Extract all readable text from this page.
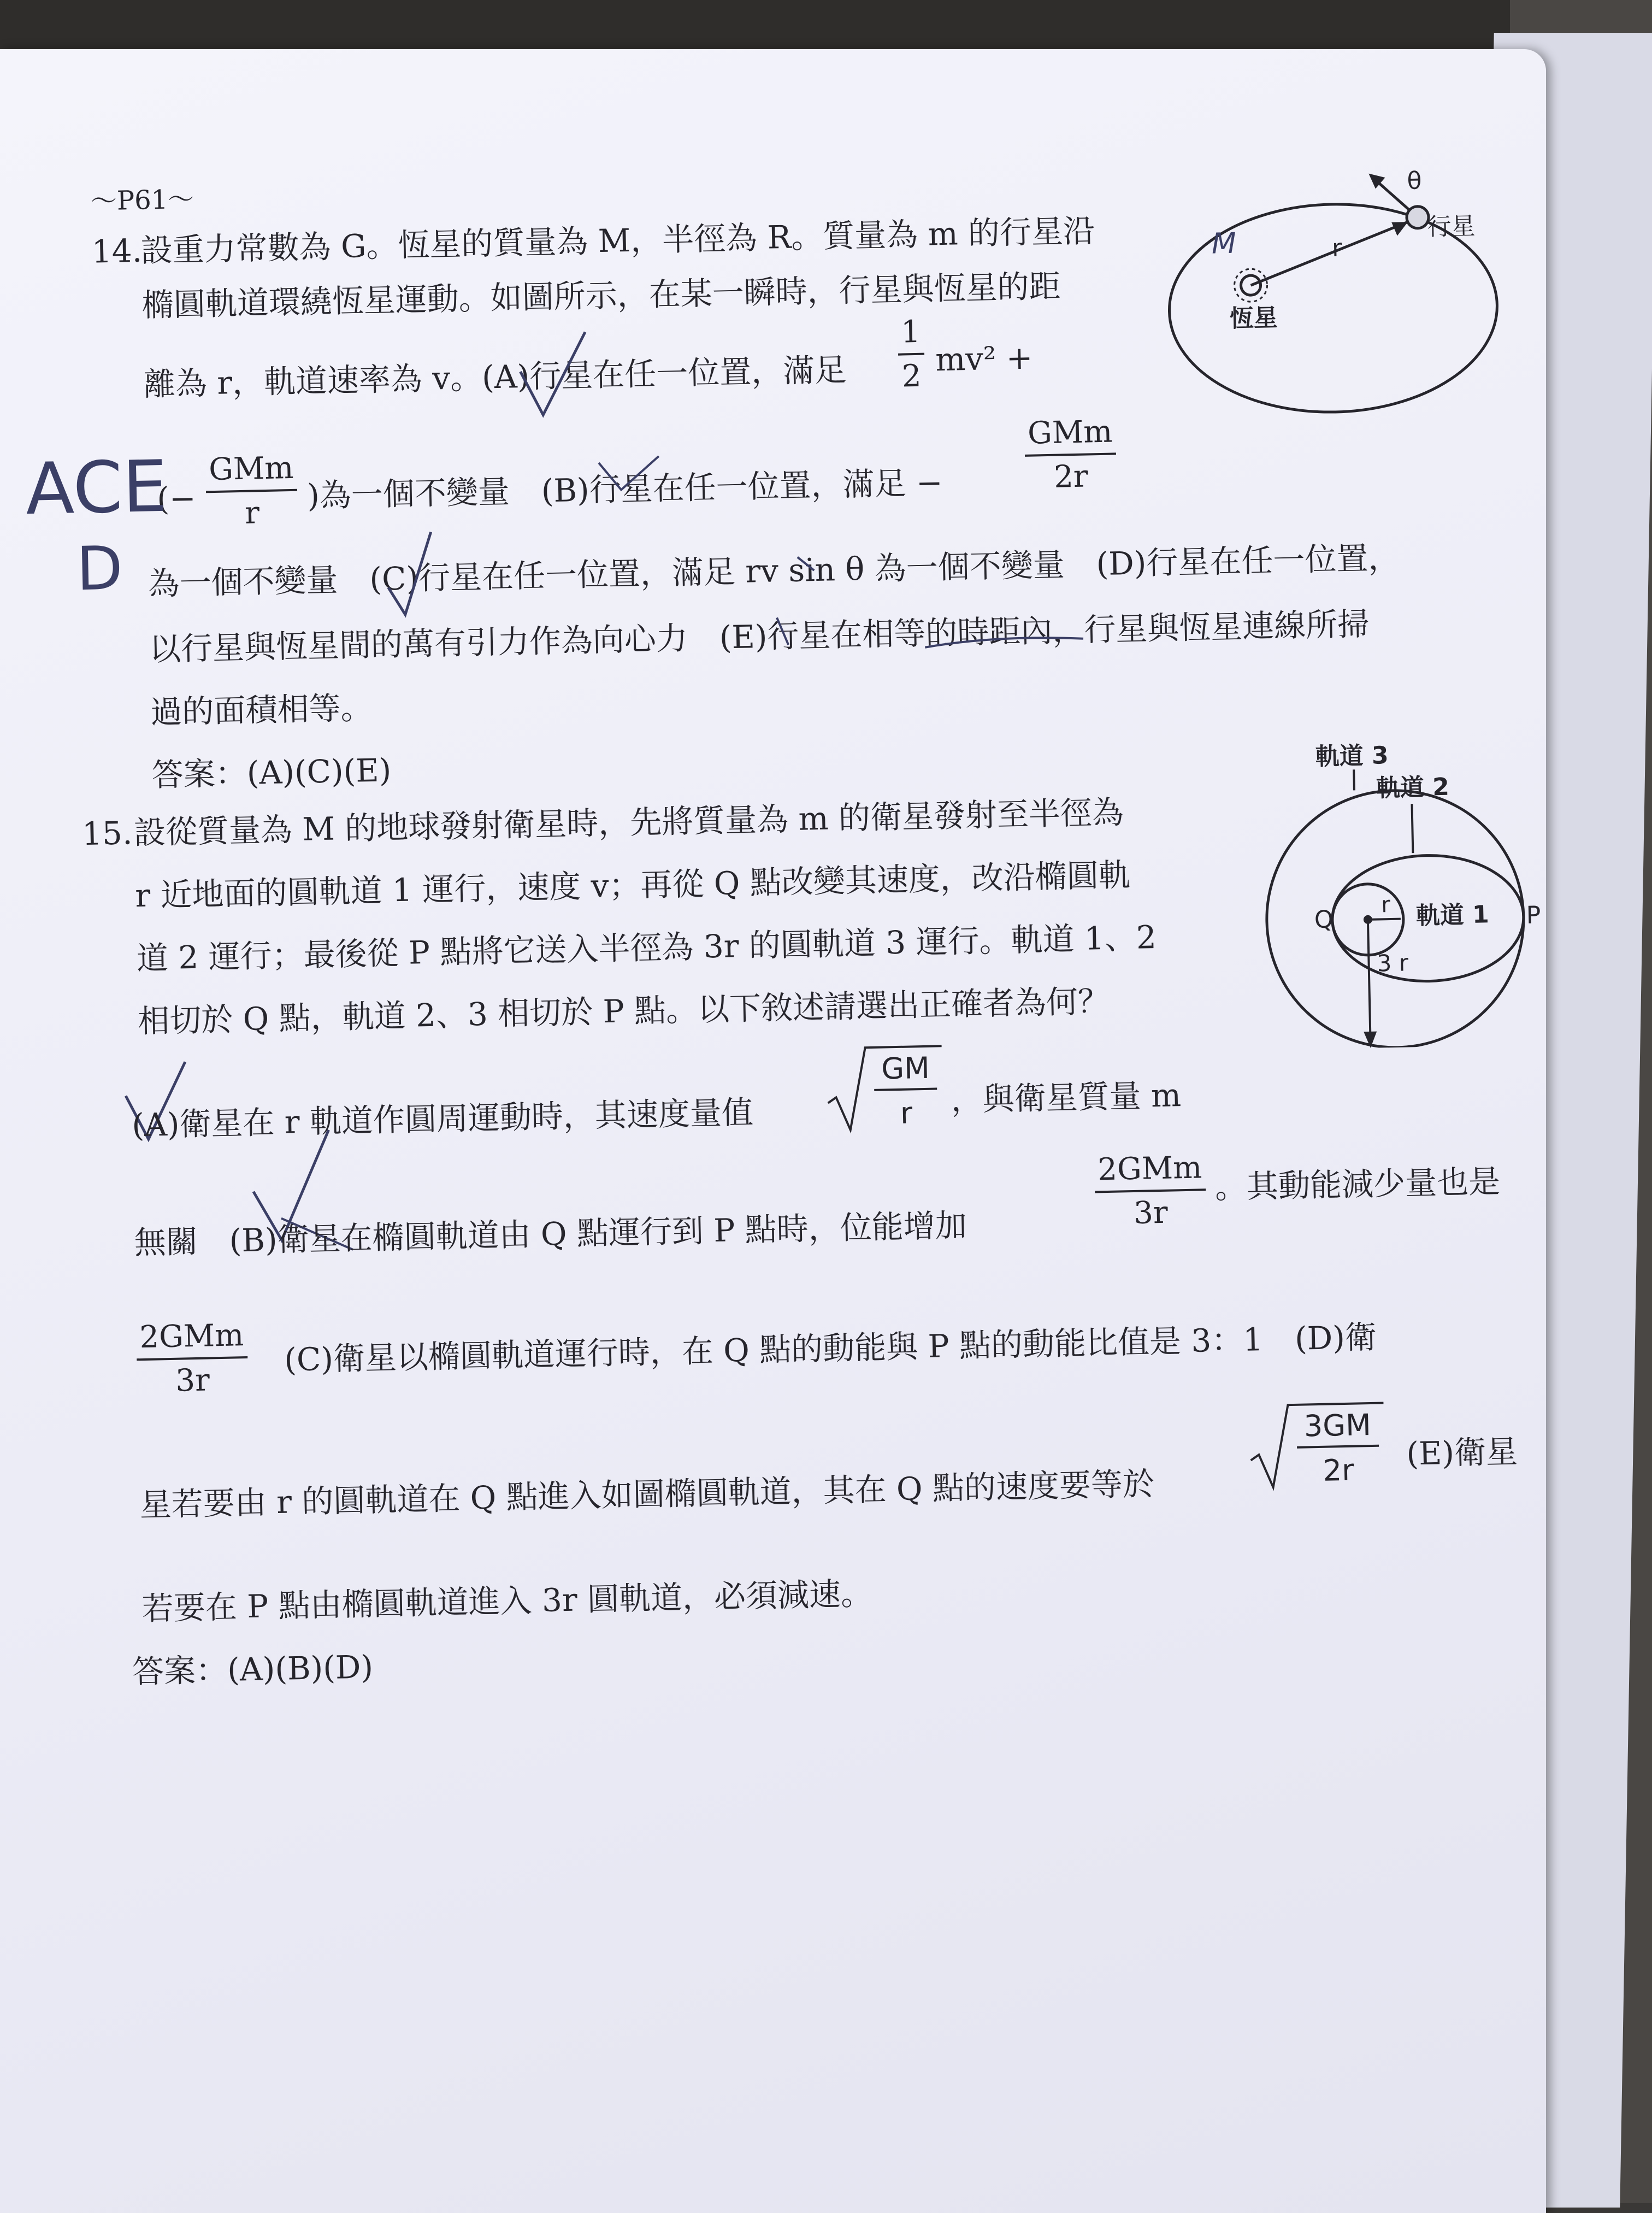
～P61～
14.
設重力常數為 G。恆星的質量為 M，半徑為 R。質量為 m 的行星沿
橢圓軌道環繞恆星運動。如圖所示，在某一瞬時，行星與恆星的距
離為 r，軌道速率為 v。(A)行星在任一位置，滿足 $\frac{1}{2} mv^2$ +
(−
GMm
r	)為一個不變量　(B)行星在任一位置，滿足 −
GMm
2r
為一個不變量　(C)行星在任一位置，滿足 rv sin θ 為一個不變量　(D)行星在任一位置，
以行星與恆星間的萬有引力作為向心力　(E)行星在相等的時距內，行星與恆星連線所掃
過的面積相等。
答案：(A)(C)(E)
θ
行星
r
恆星
M
ACE
D
15. 設從質量為 M 的地球發射衛星時，先將質量為 m 的衛星發射至半徑為
r 近地面的圓軌道 1 運行，速度 v；再從 Q 點改變其速度，改沿橢圓軌
道 2 運行；最後從 P 點將它送入半徑為 3r 的圓軌道 3 運行。軌道 1、2
相切於 Q 點，軌道 2、3 相切於 P 點。以下敘述請選出正確者為何？
(A)衛星在 r 軌道作圓周運動時，其速度量值
GM
r ，與衛星質量 m
無關　(B)衛星在橢圓軌道由 Q 點運行到 P 點時，位能增加
2GMm
3r
。其動能減少量也是
2GMm
3r
(C)衛星以橢圓軌道運行時，在 Q 點的動能與 P 點的動能比值是 3：1　(D)衛
星若要由 r 的圓軌道在 Q 點進入如圖橢圓軌道，其在 Q 點的速度要等於
3GM
2r (E)衛星
若要在 P 點由橢圓軌道進入 3r 圓軌道，必須減速。
答案：(A)(B)(D)
軌道 3
軌道 2
軌道 1
Q	P
r
3 r
